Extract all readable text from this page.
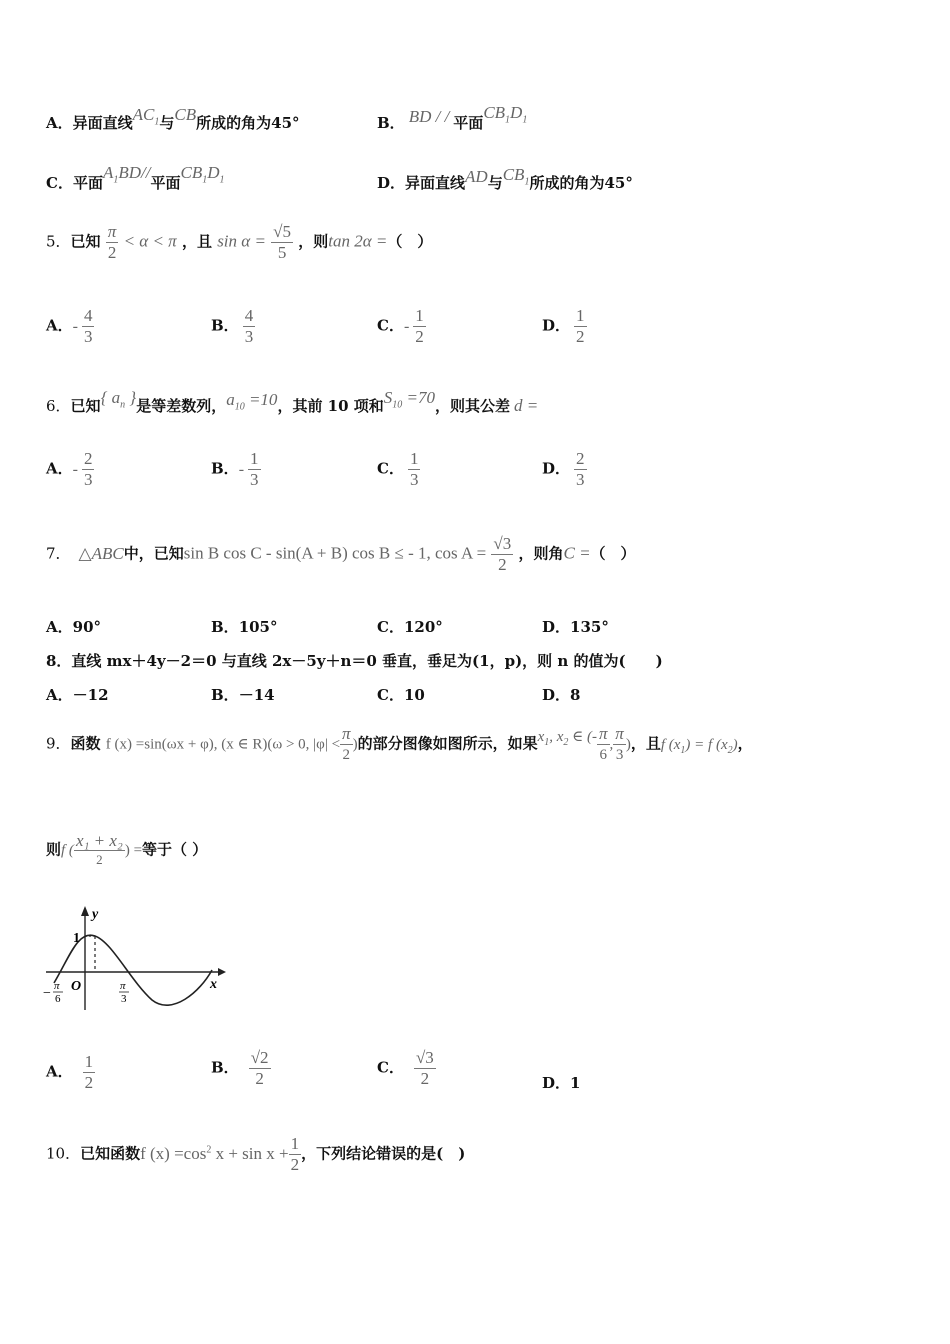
A．异面直线$AC_1$与CB所成的角为45°	B． BD / / 平面$CB_1D_1$
C．平面$A_1BD//$平面$CB_1D_1$	D．异面直线AD与$CB_1$所成的角为45°
5．已知 $\frac{\pi}{2} < \alpha < \pi$ ，且 $\sin \alpha = \frac{√5}{5}$ ，则tan 2α =（　）
A．- $\frac{4}{3}$	B． $\frac{4}{3}$	C．- $\frac{1}{2}$	D． $\frac{1}{2}$
6．已知{ $a_n$ }是等差数列，$a_{10} =10$，其前 10 项和$S_{10} =70$，则其公差 d =
A．- $\frac{2}{3}$	B．- $\frac{1}{3}$	C． $\frac{1}{3}$	D． $\frac{2}{3}$
7． △ABC中，已知sin B cos C - sin(A + B) cos B ≤ - 1, $\cos A = \frac{√3}{2}$ ，则角C =（　）
A．90°	B．105°	C．120°	D．135°
8．直线 mx＋4y－2＝0 与直线 2x－5y＋n＝0 垂直，垂足为(1，p)，则 n 的值为(　　)
A．－12	B．－14	C．10	D．8
9．函数 f (x) =sin(ωx + φ), (x ∈ R)(ω > 0, $|\varphi| < \frac{\pi}{2}$ )的部分图像如图所示，如果$x_1$, $x_2$ ∈ (- $\frac{\pi}{6}$ , $\frac{\pi}{3}$ )，且f $(x_1) = f$ $(x_2)$，
则f ( $\frac{\text{x₁ + x₂}}{2}$ ) =等于（ ）
y
x
1
O
− π
6
π
3
A． $\frac{1}{2}$	B． $\frac{√2}{2}$	C． $\frac{√3}{2}$	D．1
10．已知函数f $(x) =\cos^2$ $x + \sin x + \frac{1}{2}$ ，下列结论错误的是(　)
